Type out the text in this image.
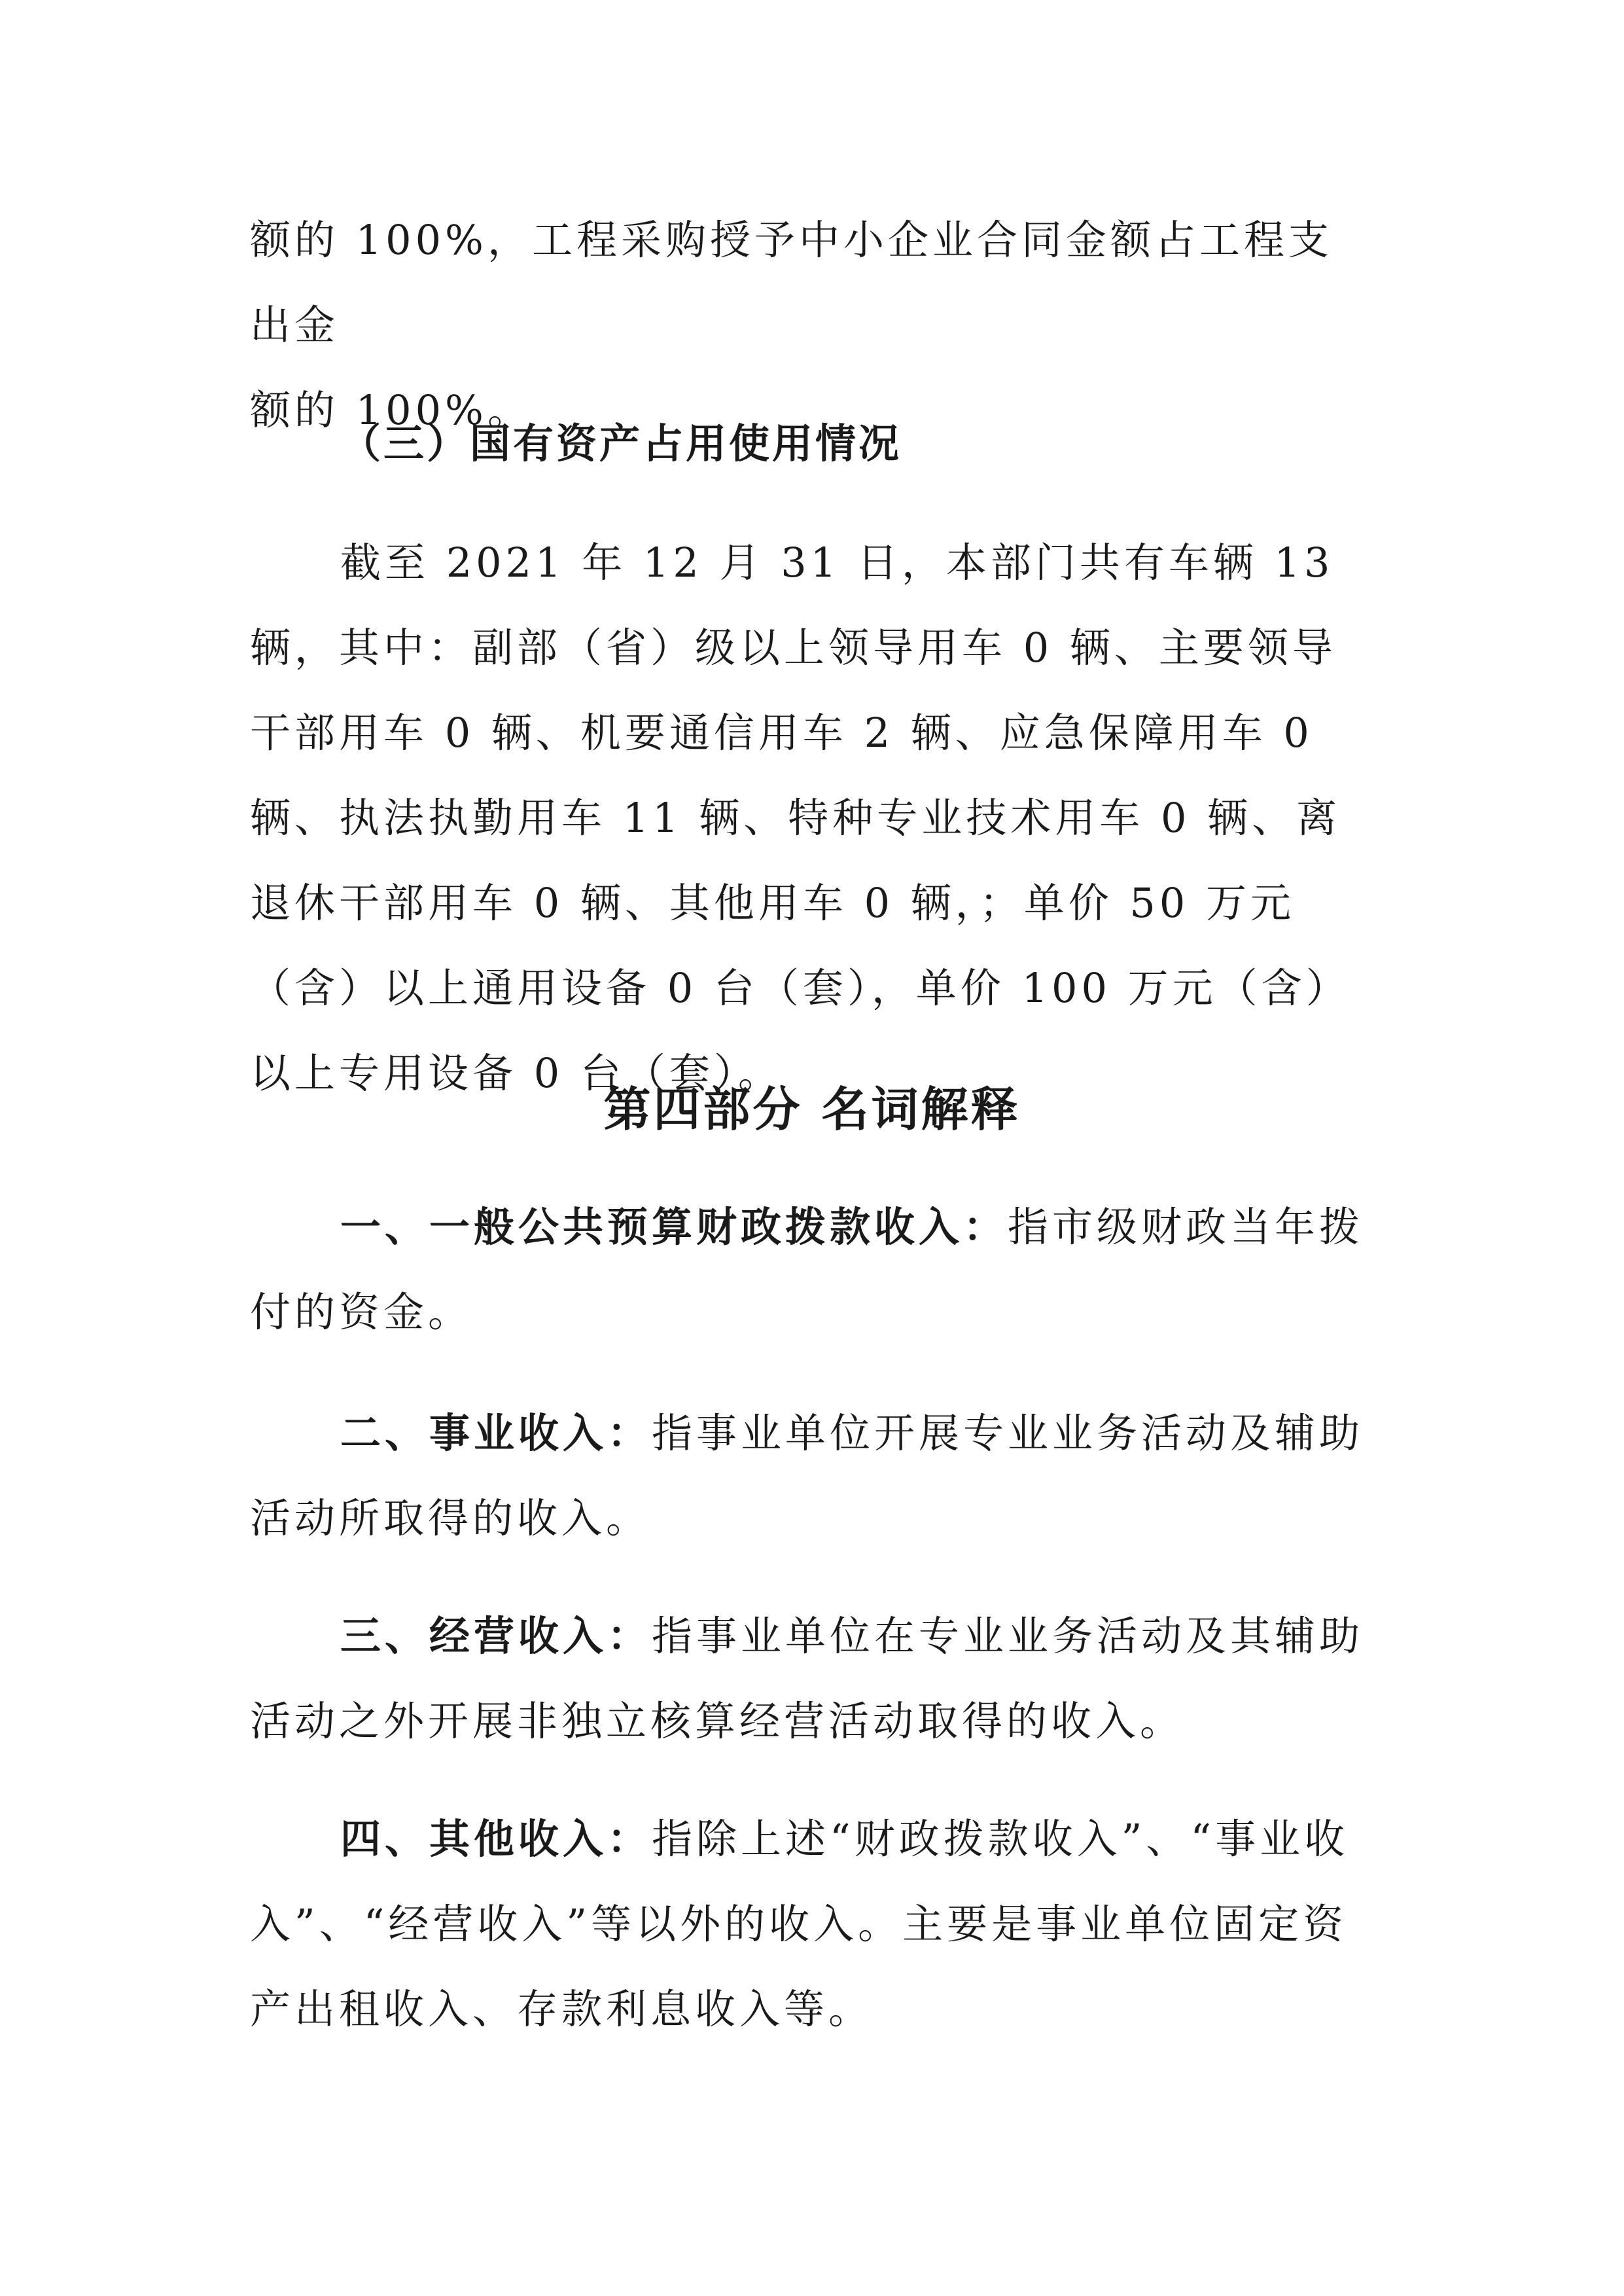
额的 100%，工程采购授予中小企业合同金额占工程支出金
额的 100%。

（三）国有资产占用使用情况

截至 2021 年 12 月 31 日，本部门共有车辆 13 辆，其中：副部（省）级以上领导用车 0 辆、主要领导干部用车 0 辆、机要通信用车 2 辆、应急保障用车 0 辆、执法执勤用车 11 辆、特种专业技术用车 0 辆、离退休干部用车 0 辆、其他用车 0 辆，；单价 50 万元（含）以上通用设备 0 台（套），单价 100 万元（含）以上专用设备 0 台（套）。

第四部分 名词解释

一、一般公共预算财政拨款收入：指市级财政当年拨付的资金。

二、事业收入：指事业单位开展专业业务活动及辅助活动所取得的收入。

三、经营收入：指事业单位在专业业务活动及其辅助活动之外开展非独立核算经营活动取得的收入。

四、其他收入：指除上述“财政拨款收入”、“事业收入”、“经营收入”等以外的收入。主要是事业单位固定资产出租收入、存款利息收入等。
